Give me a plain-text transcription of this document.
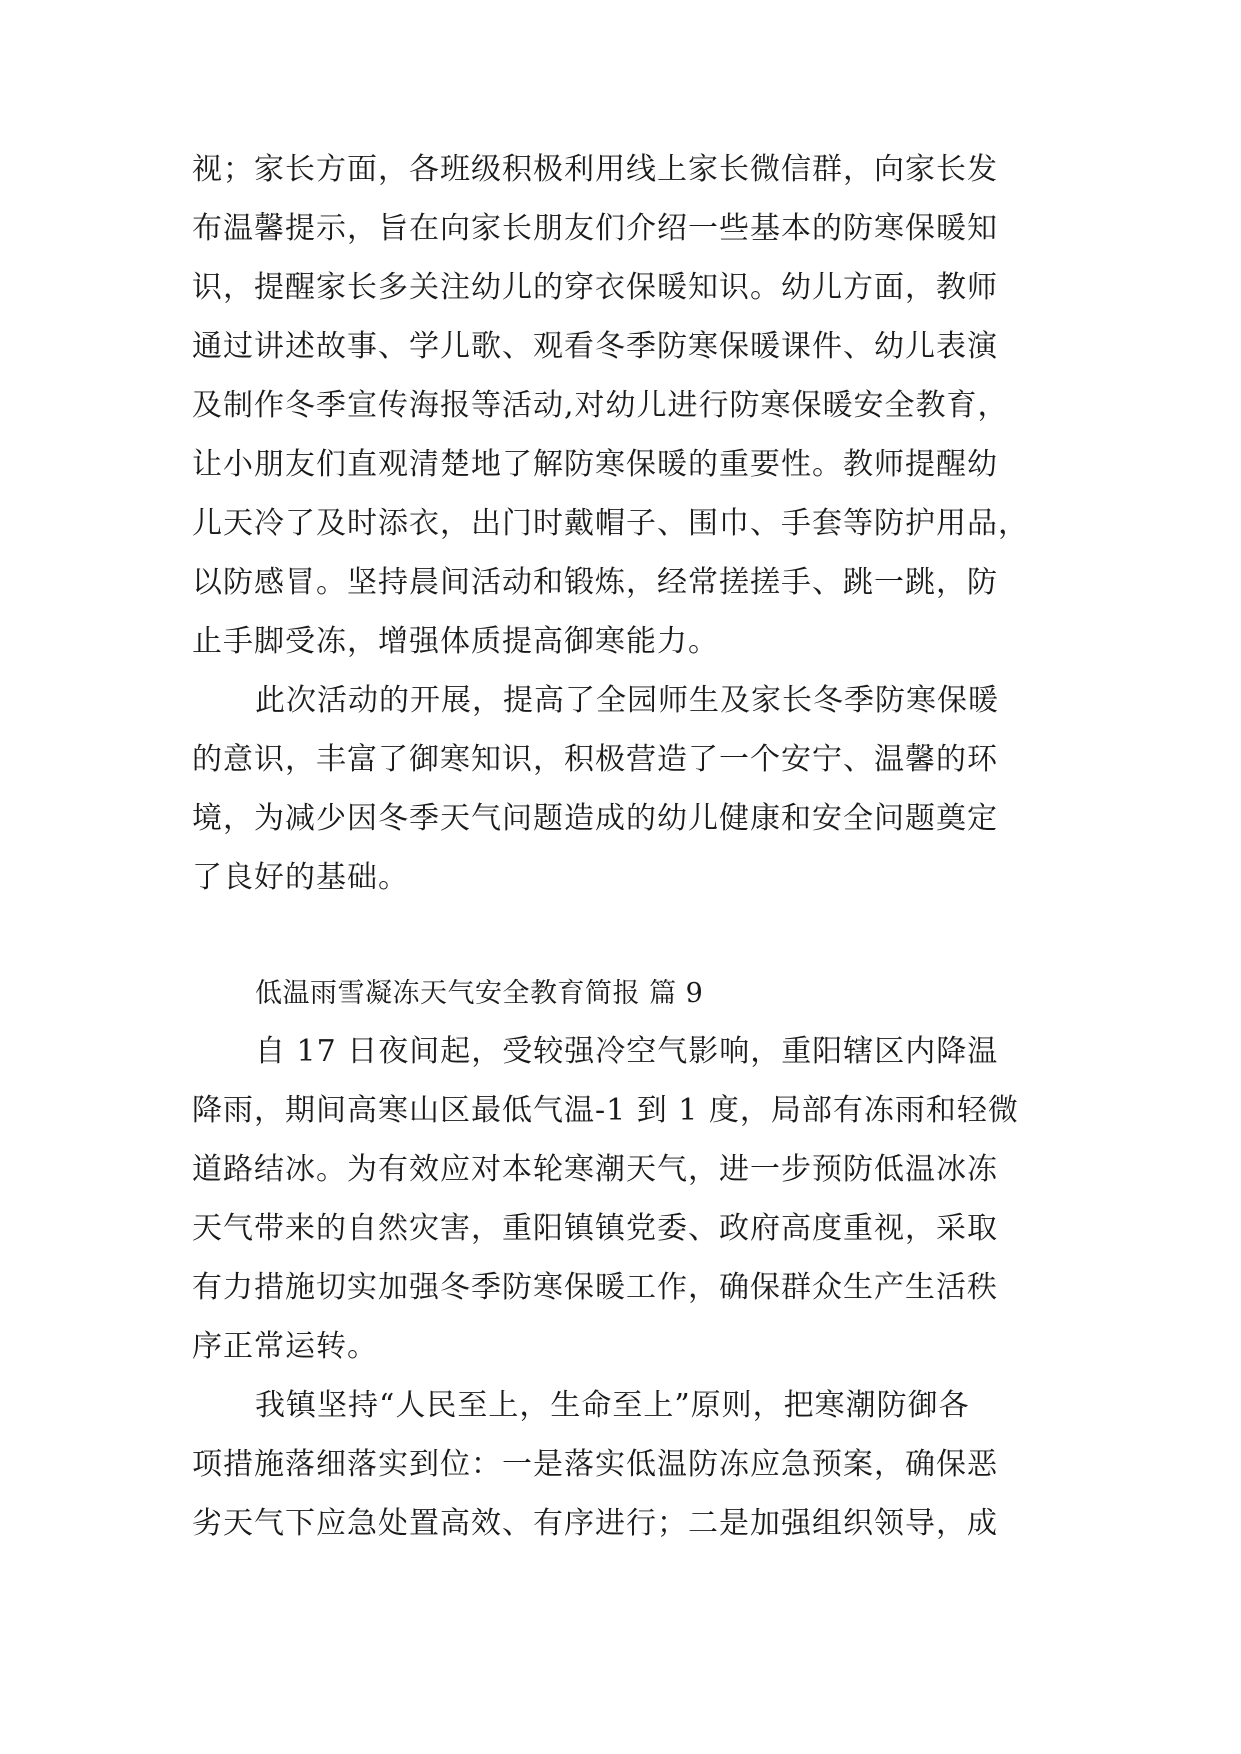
视；家长方面，各班级积极利用线上家长微信群，向家长发
布温馨提示，旨在向家长朋友们介绍一些基本的防寒保暖知
识，提醒家长多关注幼儿的穿衣保暖知识。幼儿方面，教师
通过讲述故事、学儿歌、观看冬季防寒保暖课件、幼儿表演
及制作冬季宣传海报等活动,对幼儿进行防寒保暖安全教育，
让小朋友们直观清楚地了解防寒保暖的重要性。教师提醒幼
儿天冷了及时添衣，出门时戴帽子、围巾、手套等防护用品，
以防感冒。坚持晨间活动和锻炼，经常搓搓手、跳一跳，防
止手脚受冻，增强体质提高御寒能力。
此次活动的开展，提高了全园师生及家长冬季防寒保暖
的意识，丰富了御寒知识，积极营造了一个安宁、温馨的环
境，为减少因冬季天气问题造成的幼儿健康和安全问题奠定
了良好的基础。
低温雨雪凝冻天气安全教育简报 篇 9
自 17 日夜间起，受较强冷空气影响，重阳辖区内降温
降雨，期间高寒山区最低气温-1 到 1 度，局部有冻雨和轻微
道路结冰。为有效应对本轮寒潮天气，进一步预防低温冰冻
天气带来的自然灾害，重阳镇镇党委、政府高度重视，采取
有力措施切实加强冬季防寒保暖工作，确保群众生产生活秩
序正常运转。
我镇坚持“人民至上，生命至上”原则，把寒潮防御各
项措施落细落实到位：一是落实低温防冻应急预案，确保恶
劣天气下应急处置高效、有序进行；二是加强组织领导，成
